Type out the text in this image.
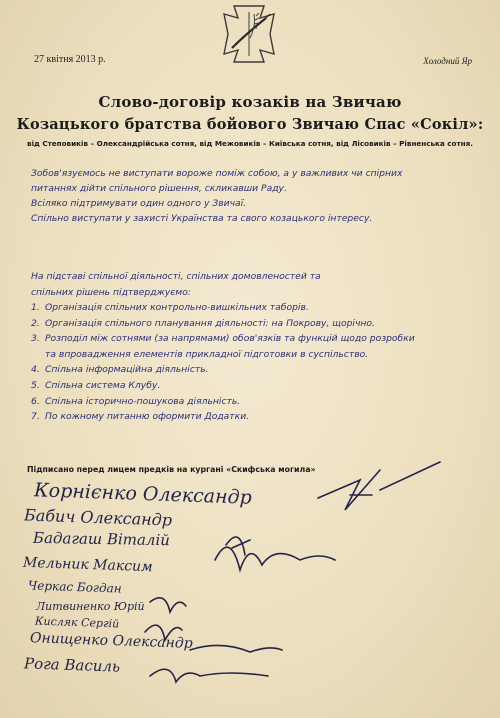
27 квітня 2013 р.	Холодний Яр
Слово-договір козаків на Звичаю
Козацького братства бойового Звичаю Спас «Сокіл»:
від Степовиків – Олександрійська сотня, від Межовиків – Київська сотня, від Лісовиків – Рівненська сотня.
Зобов'язуємось не виступати вороже поміж собою, а у важливих чи спірних
питаннях дійти спільного рішення, скликавши Раду.
Всіляко підтримувати один одного у Звичаї.
Спільно виступати у захисті Українства та свого козацького інтересу.
На підставі спільної діяльності, спільних домовленостей та
спільних рішень підтверджуємо:
1. Організація спільних контрольно-вишкільних таборів.
2. Організація спільного планування діяльності: на Покрову, щорічно.
3. Розподіл між сотнями (за напрямами) обов'язків та функцій щодо розробки
та впровадження елементів прикладної підготовки в суспільство.
4. Спільна інформаційна діяльність.
5. Спільна система Клубу.
6. Спільна історично-пошукова діяльність.
7. По кожному питанню оформити Додатки.
Підписано перед лицем предків на кургані «Скифська могила»
Корнієнко Олександр
Бабич Олександр
Бадагаш Віталій
Мельник Максим
Черкас Богдан
Литвиненко Юрій
Кисляк Сергій
Онищенко Олександр
Рога Василь
